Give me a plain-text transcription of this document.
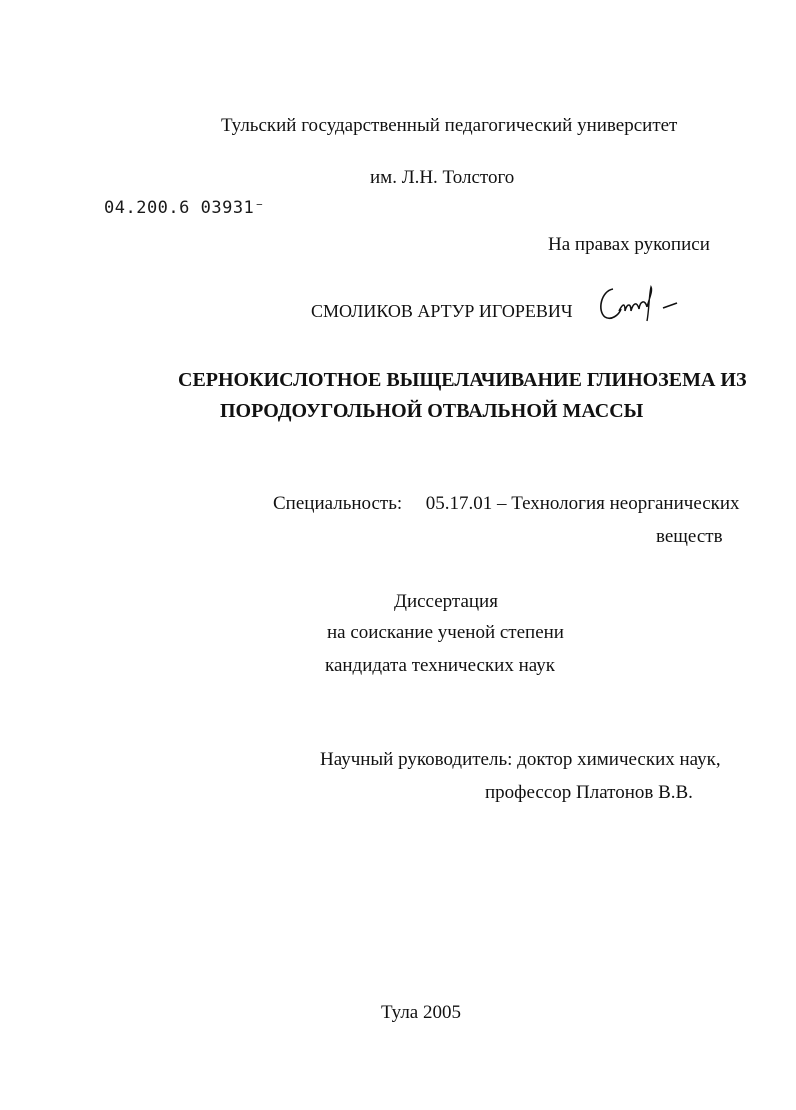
Тульский государственный педагогический университет
им. Л.Н. Толстого
04.200.6 03931⁻
На правах рукописи
СМОЛИКОВ АРТУР ИГОРЕВИЧ
СЕРНОКИСЛОТНОЕ ВЫЩЕЛАЧИВАНИЕ ГЛИНОЗЕМА ИЗ
ПОРОДОУГОЛЬНОЙ ОТВАЛЬНОЙ МАССЫ
Специальность: 05.17.01 – Технология неорганических
веществ
Диссертация
на соискание ученой степени
кандидата технических наук
Научный руководитель: доктор химических наук,
профессор Платонов В.В.
Тула 2005
